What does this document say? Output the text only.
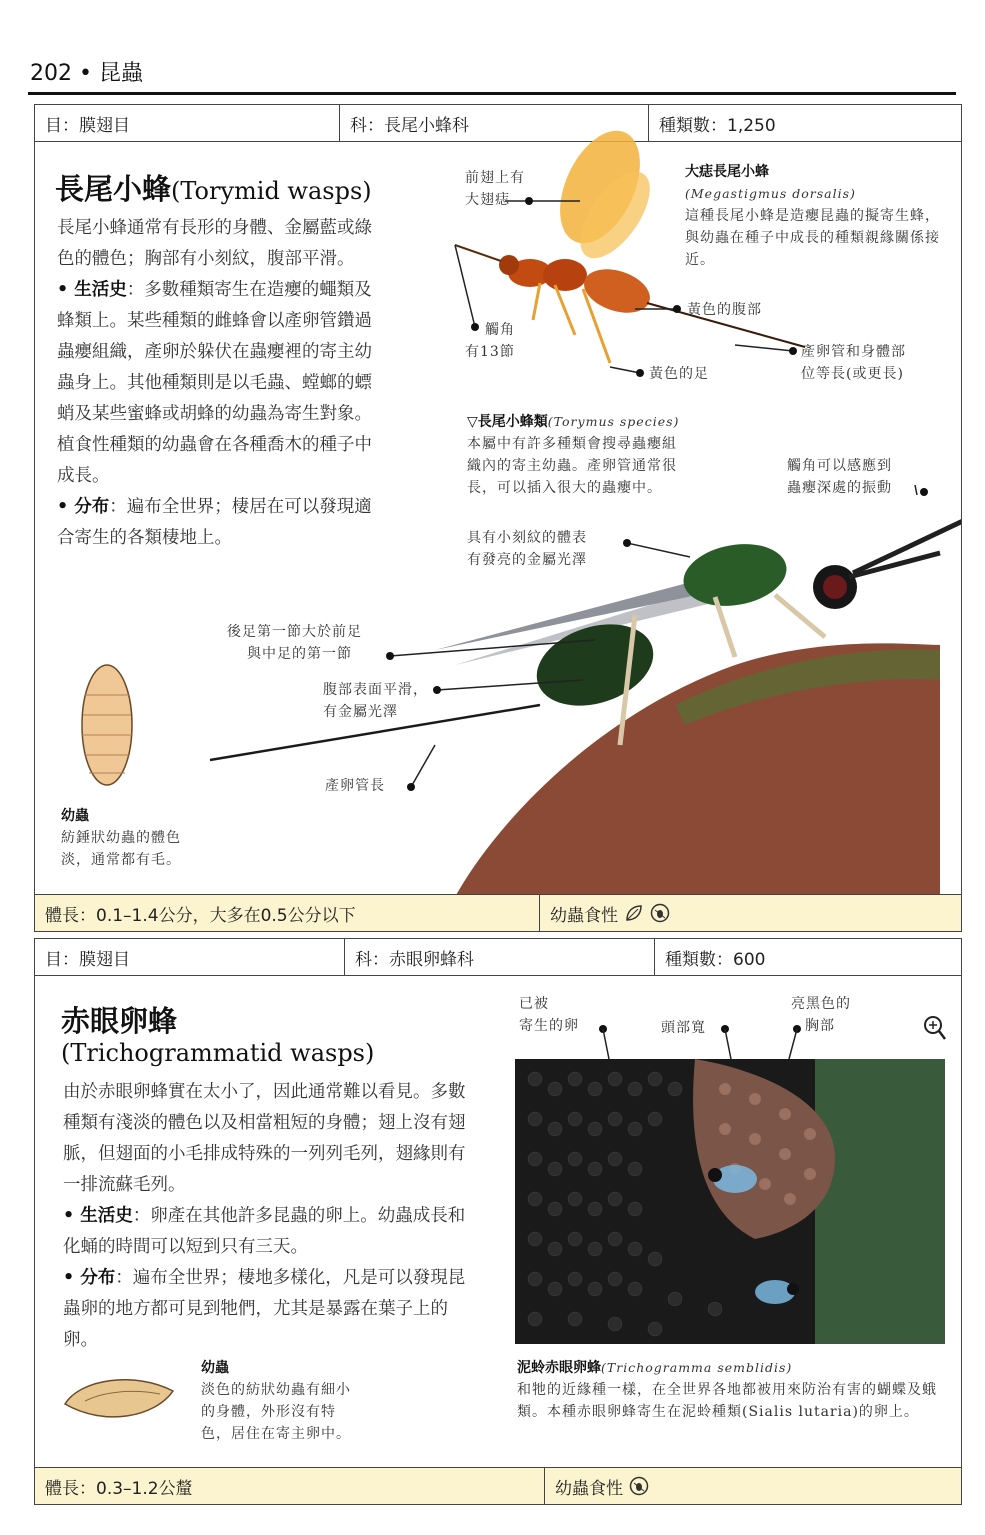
202 • 昆蟲
目：膜翅目	科：長尾小蜂科	種類數：1,250
長尾小蜂(Torymid wasps)

長尾小蜂通常有長形的身體、金屬藍或綠色的體色；胸部有小刻紋，腹部平滑。

• 生活史：多數種類寄生在造癭的蠅類及蜂類上。某些種類的雌蜂會以產卵管鑽過蟲癭組織，產卵於躲伏在蟲癭裡的寄主幼蟲身上。其他種類則是以毛蟲、螳螂的螵蛸及某些蜜蜂或胡蜂的幼蟲為寄生對象。植食性種類的幼蟲會在各種喬木的種子中成長。

• 分布：遍布全世界；棲居在可以發現適合寄生的各類棲地上。

前翅上有
大翅痣
大痣長尾小蜂
(Megastigmus dorsalis)
這種長尾小蜂是造癭昆蟲的擬寄生蜂，與幼蟲在種子中成長的種類親緣關係接近。
觸角
有13節
黃色的腹部
黃色的足
產卵管和身體部
位等長(或更長)
▽長尾小蜂類(Torymus species)
本屬中有許多種類會搜尋蟲癭組
織內的寄主幼蟲。產卵管通常很
長，可以插入很大的蟲癭中。
觸角可以感應到
蟲癭深處的振動
具有小刻紋的體表
有發亮的金屬光澤
後足第一節大於前足
與中足的第一節
腹部表面平滑，
有金屬光澤
產卵管長
幼蟲
紡錘狀幼蟲的體色
淡，通常都有毛。
體長：0.1–1.4公分，大多在0.5公分以下	幼蟲食性
目：膜翅目	科：赤眼卵蜂科	種類數：600
赤眼卵蜂
(Trichogrammatid wasps)

由於赤眼卵蜂實在太小了，因此通常難以看見。多數種類有淺淡的體色以及相當粗短的身體；翅上沒有翅脈，但翅面的小毛排成特殊的一列列毛列，翅緣則有一排流蘇毛列。

• 生活史：卵產在其他許多昆蟲的卵上。幼蟲成長和化蛹的時間可以短到只有三天。

• 分布：遍布全世界；棲地多樣化，凡是可以發現昆蟲卵的地方都可見到牠們，尤其是暴露在葉子上的卵。

已被
寄生的卵	頭部寬
亮黑色的
胸部
泥蛉赤眼卵蜂(Trichogramma semblidis)
和牠的近緣種一樣，在全世界各地都被用來防治有害的蝴蝶及蛾類。本種赤眼卵蜂寄生在泥蛉種類(Sialis lutaria)的卵上。
幼蟲
淡色的紡狀幼蟲有細小
的身體，外形沒有特
色，居住在寄主卵中。
體長：0.3–1.2公釐	幼蟲食性
